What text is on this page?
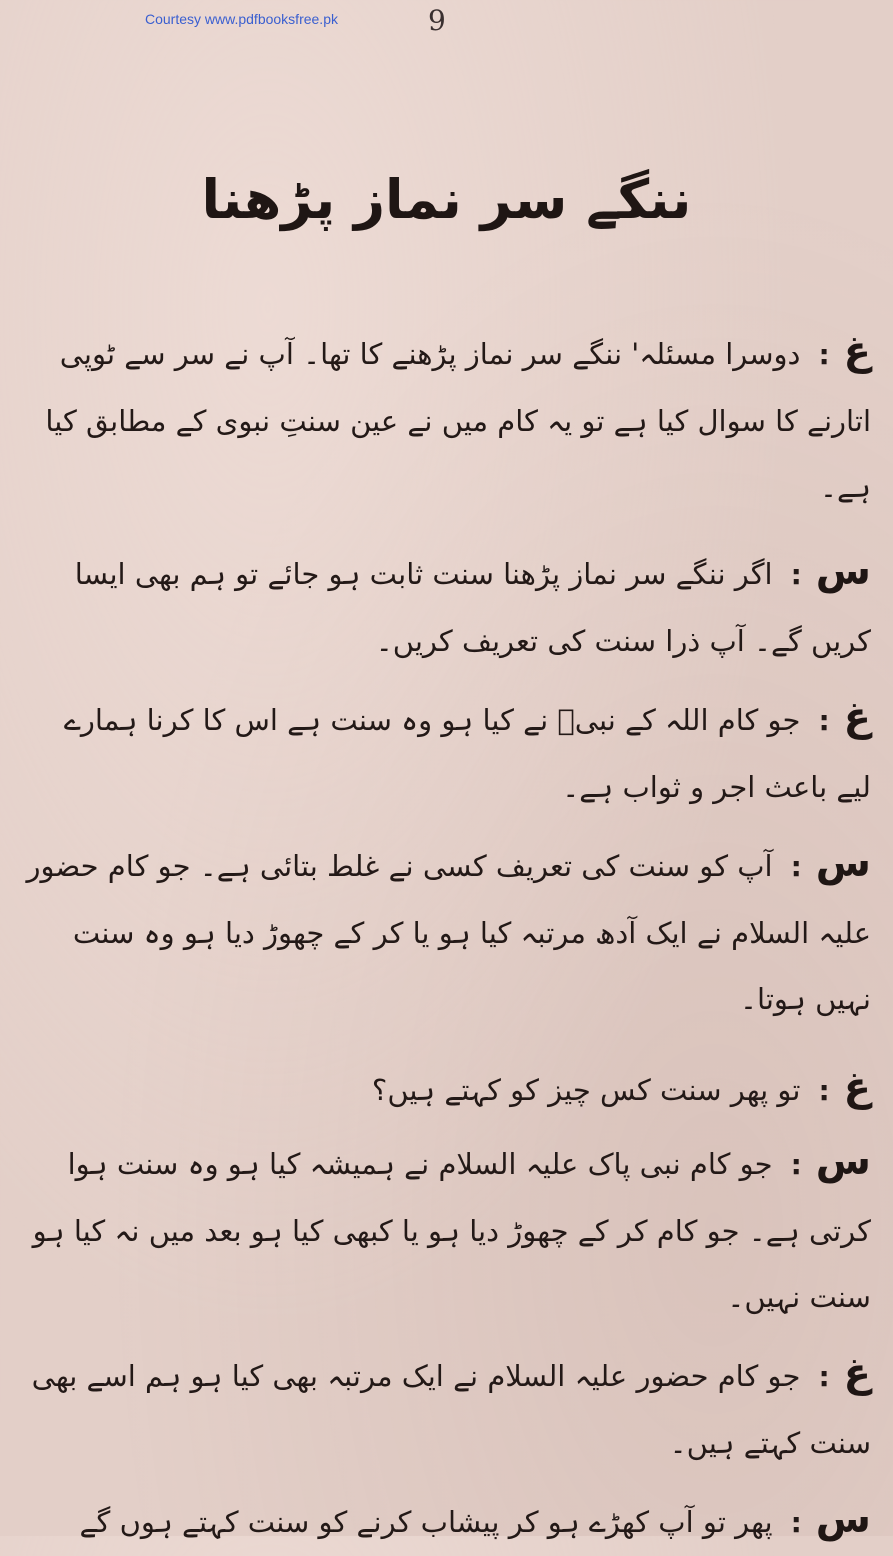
Courtesy www.pdfbooksfree.pk	9
ننگے سر نماز پڑھنا
غ:دوسرا مسئلہ' ننگے سر نماز پڑھنے کا تھا۔ آپ نے سر سے ٹوپی اتارنے کا سوال کیا ہے تو یہ کام میں نے عین سنتِ نبوی کے مطابق کیا ہے۔
س:اگر ننگے سر نماز پڑھنا سنت ثابت ہو جائے تو ہم بھی ایسا کریں گے۔ آپ ذرا سنت کی تعریف کریں۔
غ:جو کام اللہ کے نبیؐ نے کیا ہو وہ سنت ہے اس کا کرنا ہمارے لیے باعث اجر و ثواب ہے۔
س:آپ کو سنت کی تعریف کسی نے غلط بتائی ہے۔ جو کام حضور علیہ السلام نے ایک آدھ مرتبہ کیا ہو یا کر کے چھوڑ دیا ہو وہ سنت نہیں ہوتا۔
غ:تو پھر سنت کس چیز کو کہتے ہیں؟
س:جو کام نبی پاک علیہ السلام نے ہمیشہ کیا ہو وہ سنت ہوا کرتی ہے۔ جو کام کر کے چھوڑ دیا ہو یا کبھی کیا ہو بعد میں نہ کیا ہو سنت نہیں۔
غ:جو کام حضور علیہ السلام نے ایک مرتبہ بھی کیا ہو ہم اسے بھی سنت کہتے ہیں۔
س:پھر تو آپ کھڑے ہو کر پیشاب کرنے کو سنت کہتے ہوں گے
